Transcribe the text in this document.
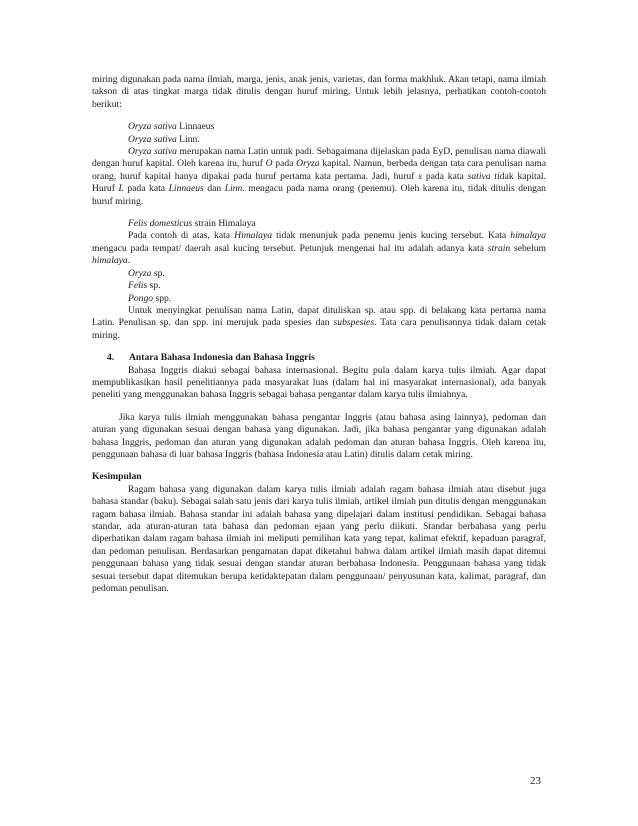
miring digunakan pada nama ilmiah, marga, jenis, anak jenis, varietas, dan forma makhluk. Akan tetapi, nama ilmiah takson di atas tingkat marga tidak ditulis dengan huruf miring. Untuk lebih jelasnya, perhatikan contoh-contoh berikut:

Oryza sativa Linnaeus

Oryza sativa Linn.

Oryza sativa merupakan nama Latin untuk padi. Sebagaimana dijelaskan pada EyD, penulisan nama diawali dengan huruf kapital. Oleh karena itu, huruf O pada Oryza kapital. Namun, berbeda dengan tata cara penulisan nama orang, huruf kapital hanya dipakai pada huruf pertama kata pertama. Jadi, huruf s pada kata sativa tidak kapital. Huruf L pada kata Linnaeus dan Linn. mengacu pada nama orang (penemu). Oleh karena itu, tidak ditulis dengan huruf miring.

Felis domesticus strain Himalaya

Pada contoh di atas, kata Himalaya tidak menunjuk pada penemu jenis kucing tersebut. Kata himalaya mengacu pada tempat/ daerah asal kucing tersebut. Petunjuk mengenai hal itu adalah adanya kata strain sebelum himalaya.

Oryza sp.

Felis sp.

Pongo spp.

Untuk menyingkat penulisan nama Latin, dapat dituliskan sp. atau spp. di belakang kata pertama nama Latin. Penulisan sp. dan spp. ini merujuk pada spesies dan subspesies. Tata cara penulisannya tidak dalam cetak miring.

4. Antara Bahasa Indonesia dan Bahasa Inggris

Bahasa Inggris diakui sebagai bahasa internasional. Begitu pula dalam karya tulis ilmiah. Agar dapat mempublikasikan hasil penelitiannya pada masyarakat luas (dalam hal ini masyarakat internasional), ada banyak peneliti yang menggunakan bahasa Inggris sebagai bahasa pengantar dalam karya tulis ilmiahnya.

Jika karya tulis ilmiah menggunakan bahasa pengantar Inggris (atau bahasa asing lainnya), pedoman dan aturan yang digunakan sesuai dengan bahasa yang digunakan. Jadi, jika bahasa pengantar yang digunakan adalah bahasa Inggris, pedoman dan aturan yang digunakan adalah pedoman dan aturan bahasa Inggris. Oleh karena itu, penggunaan bahasa di luar bahasa Inggris (bahasa Indonesia atau Latin) ditulis dalam cetak miring.

Kesimpulan

Ragam bahasa yang digunakan dalam karya tulis ilmiah adalah ragam bahasa ilmiah atau disebut juga bahasa standar (baku). Sebagai salah satu jenis dari karya tulis ilmiah, artikel ilmiah pun ditulis dengan menggunakan ragam bahasa ilmiah. Bahasa standar ini adalah bahasa yang dipelajari dalam institusi pendidikan. Sebagai bahasa standar, ada aturan-aturan tata bahasa dan pedoman ejaan yang perlu diikuti. Standar berbahasa yang perlu diperhatikan dalam ragam bahasa ilmiah ini meliputi pemilihan kata yang tepat, kalimat efektif, kepaduan paragraf, dan pedoman penulisan. Berdasarkan pengamatan dapat diketahui bahwa dalam artikel ilmiah masih dapat ditemui penggunaan bahasa yang tidak sesuai dengan standar aturan berbahasa Indonesia. Penggunaan bahasa yang tidak sesuai tersebut dapat ditemukan berupa ketidaktepatan dalam penggunaan/ penyusunan kata, kalimat, paragraf, dan pedoman penulisan.

23
